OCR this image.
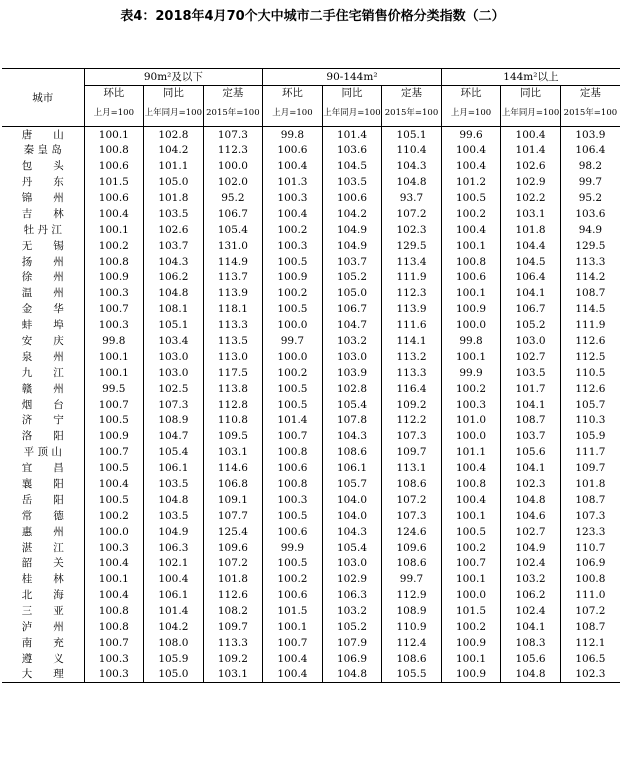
表4：2018年4月70个大中城市二手住宅销售价格分类指数（二）
城市	90m²及以下			90-144m²			144m²以上		
	环比	同比	定基	环比	同比	定基	环比	同比	定基
	上月=100	上年同月=100	2015年=100	上月=100	上年同月=100	2015年=100	上月=100	上年同月=100	2015年=100
唐　　山	100.1	102.8	107.3	99.8	101.4	105.1	99.6	100.4	103.9
秦 皇 岛	100.8	104.2	112.3	100.6	103.6	110.4	100.4	101.4	106.4
包　　头	100.6	101.1	100.0	100.4	104.5	104.3	100.4	102.6	98.2
丹　　东	101.5	105.0	102.0	101.3	103.5	104.8	101.2	102.9	99.7
锦　　州	100.6	101.8	95.2	100.3	100.6	93.7	100.5	102.2	95.2
吉　　林	100.4	103.5	106.7	100.4	104.2	107.2	100.2	103.1	103.6
牡 丹 江	100.1	102.6	105.4	100.2	104.9	102.3	100.4	101.8	94.9
无　　锡	100.2	103.7	131.0	100.3	104.9	129.5	100.1	104.4	129.5
扬　　州	100.8	104.3	114.9	100.5	103.7	113.4	100.8	104.5	113.3
徐　　州	100.9	106.2	113.7	100.9	105.2	111.9	100.6	106.4	114.2
温　　州	100.3	104.8	113.9	100.2	105.0	112.3	100.1	104.1	108.7
金　　华	100.7	108.1	118.1	100.5	106.7	113.9	100.9	106.7	114.5
蚌　　埠	100.3	105.1	113.3	100.0	104.7	111.6	100.0	105.2	111.9
安　　庆	99.8	103.4	113.5	99.7	103.2	114.1	99.8	103.0	112.6
泉　　州	100.1	103.0	113.0	100.0	103.0	113.2	100.1	102.7	112.5
九　　江	100.1	103.0	117.5	100.2	103.9	113.3	99.9	103.5	110.5
赣　　州	99.5	102.5	113.8	100.5	102.8	116.4	100.2	101.7	112.6
烟　　台	100.7	107.3	112.8	100.5	105.4	109.2	100.3	104.1	105.7
济　　宁	100.5	108.9	110.8	101.4	107.8	112.2	101.0	108.7	110.3
洛　　阳	100.9	104.7	109.5	100.7	104.3	107.3	100.0	103.7	105.9
平 顶 山	100.7	105.4	103.1	100.8	108.6	109.7	101.1	105.6	111.7
宜　　昌	100.5	106.1	114.6	100.6	106.1	113.1	100.4	104.1	109.7
襄　　阳	100.4	103.5	106.8	100.8	105.7	108.6	100.8	102.3	101.8
岳　　阳	100.5	104.8	109.1	100.3	104.0	107.2	100.4	104.8	108.7
常　　德	100.2	103.5	107.7	100.5	104.0	107.3	100.1	104.6	107.3
惠　　州	100.0	104.9	125.4	100.6	104.3	124.6	100.5	102.7	123.3
湛　　江	100.3	106.3	109.6	99.9	105.4	109.6	100.2	104.9	110.7
韶　　关	100.4	102.1	107.2	100.5	103.0	108.6	100.7	102.4	106.9
桂　　林	100.1	100.4	101.8	100.2	102.9	99.7	100.1	103.2	100.8
北　　海	100.4	106.1	112.6	100.6	106.3	112.9	100.0	106.2	111.0
三　　亚	100.8	101.4	108.2	101.5	103.2	108.9	101.5	102.4	107.2
泸　　州	100.8	104.2	109.7	100.1	105.2	110.9	100.2	104.1	108.7
南　　充	100.7	108.0	113.3	100.7	107.9	112.4	100.9	108.3	112.1
遵　　义	100.3	105.9	109.2	100.4	106.9	108.6	100.1	105.6	106.5
大　　理	100.3	105.0	103.1	100.4	104.8	105.5	100.9	104.8	102.3
